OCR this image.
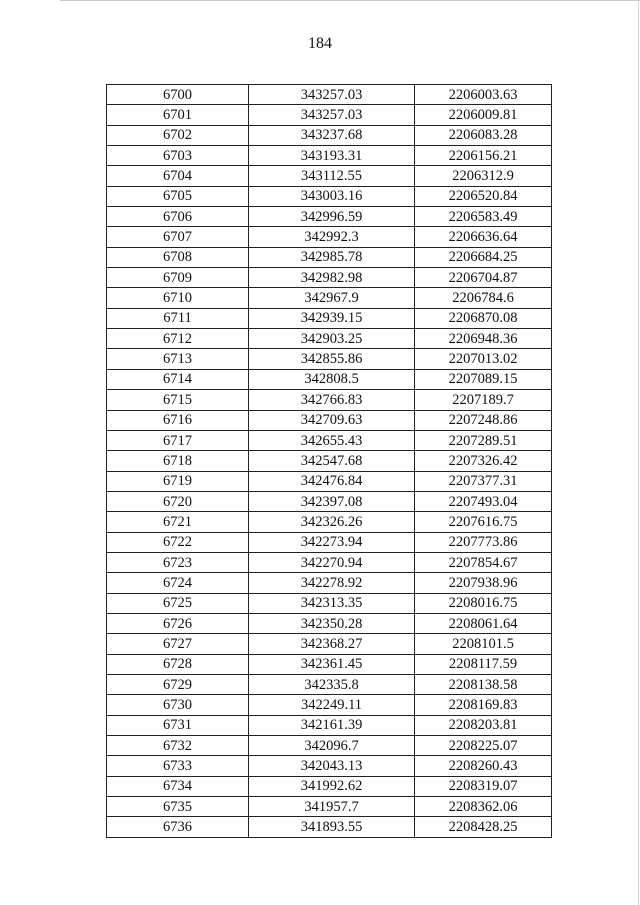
184
6700	343257.03	2206003.63
6701	343257.03	2206009.81
6702	343237.68	2206083.28
6703	343193.31	2206156.21
6704	343112.55	2206312.9
6705	343003.16	2206520.84
6706	342996.59	2206583.49
6707	342992.3	2206636.64
6708	342985.78	2206684.25
6709	342982.98	2206704.87
6710	342967.9	2206784.6
6711	342939.15	2206870.08
6712	342903.25	2206948.36
6713	342855.86	2207013.02
6714	342808.5	2207089.15
6715	342766.83	2207189.7
6716	342709.63	2207248.86
6717	342655.43	2207289.51
6718	342547.68	2207326.42
6719	342476.84	2207377.31
6720	342397.08	2207493.04
6721	342326.26	2207616.75
6722	342273.94	2207773.86
6723	342270.94	2207854.67
6724	342278.92	2207938.96
6725	342313.35	2208016.75
6726	342350.28	2208061.64
6727	342368.27	2208101.5
6728	342361.45	2208117.59
6729	342335.8	2208138.58
6730	342249.11	2208169.83
6731	342161.39	2208203.81
6732	342096.7	2208225.07
6733	342043.13	2208260.43
6734	341992.62	2208319.07
6735	341957.7	2208362.06
6736	341893.55	2208428.25
